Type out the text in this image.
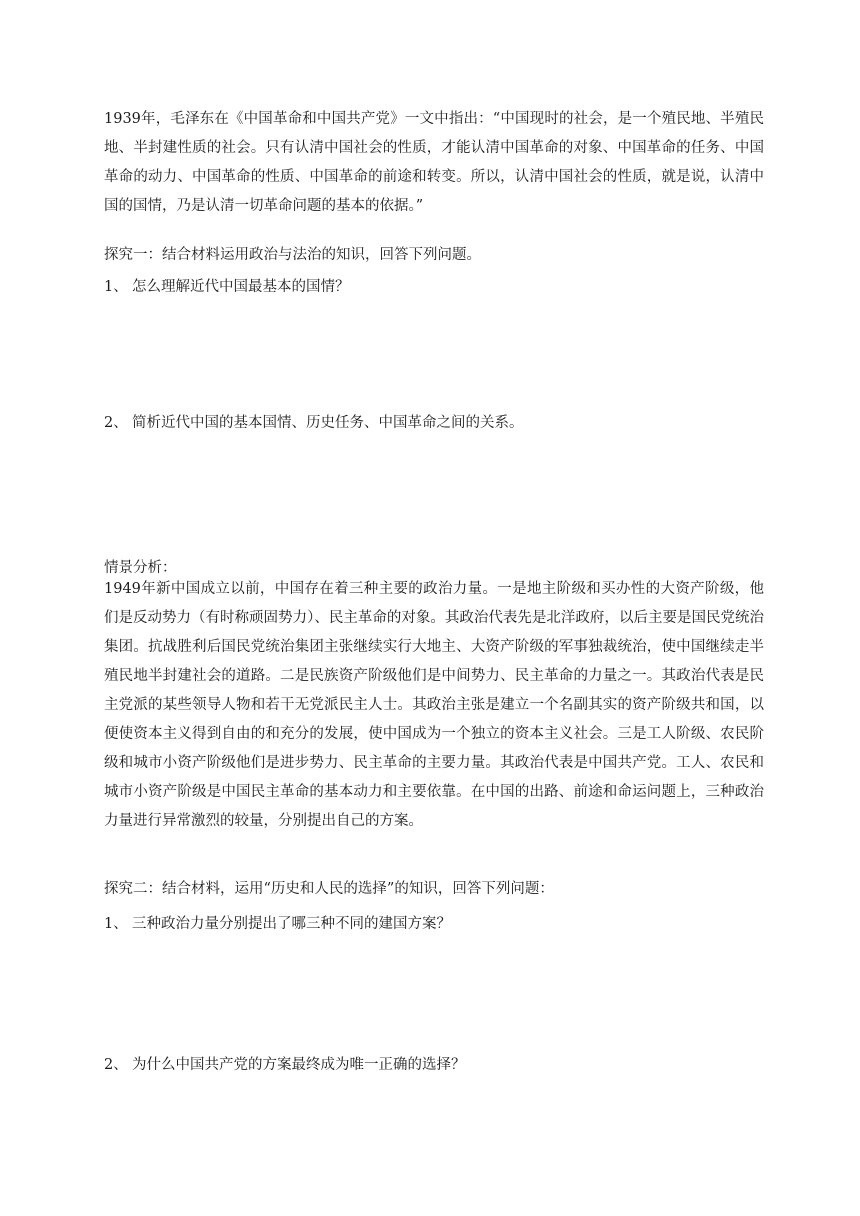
1939年，毛泽东在《中国革命和中国共产党》一文中指出：“中国现时的社会，是一个殖民地、半殖民地、半封建性质的社会。只有认清中国社会的性质，才能认清中国革命的对象、中国革命的任务、中国革命的动力、中国革命的性质、中国革命的前途和转变。所以，认清中国社会的性质，就是说，认清中国的国情，乃是认清一切革命问题的基本的依据。”

探究一：结合材料运用政治与法治的知识，回答下列问题。

1、 怎么理解近代中国最基本的国情？

2、 简析近代中国的基本国情、历史任务、中国革命之间的关系。

情景分析：

1949年新中国成立以前，中国存在着三种主要的政治力量。一是地主阶级和买办性的大资产阶级，他们是反动势力（有时称顽固势力）、民主革命的对象。其政治代表先是北洋政府，以后主要是国民党统治集团。抗战胜利后国民党统治集团主张继续实行大地主、大资产阶级的军事独裁统治，使中国继续走半殖民地半封建社会的道路。二是民族资产阶级他们是中间势力、民主革命的力量之一。其政治代表是民主党派的某些领导人物和若干无党派民主人士。其政治主张是建立一个名副其实的资产阶级共和国，以便使资本主义得到自由的和充分的发展，使中国成为一个独立的资本主义社会。三是工人阶级、农民阶级和城市小资产阶级他们是进步势力、民主革命的主要力量。其政治代表是中国共产党。工人、农民和城市小资产阶级是中国民主革命的基本动力和主要依靠。在中国的出路、前途和命运问题上，三种政治力量进行异常激烈的较量，分别提出自己的方案。

探究二：结合材料，运用“历史和人民的选择”的知识，回答下列问题：

1、 三种政治力量分别提出了哪三种不同的建国方案？

2、 为什么中国共产党的方案最终成为唯一正确的选择？
